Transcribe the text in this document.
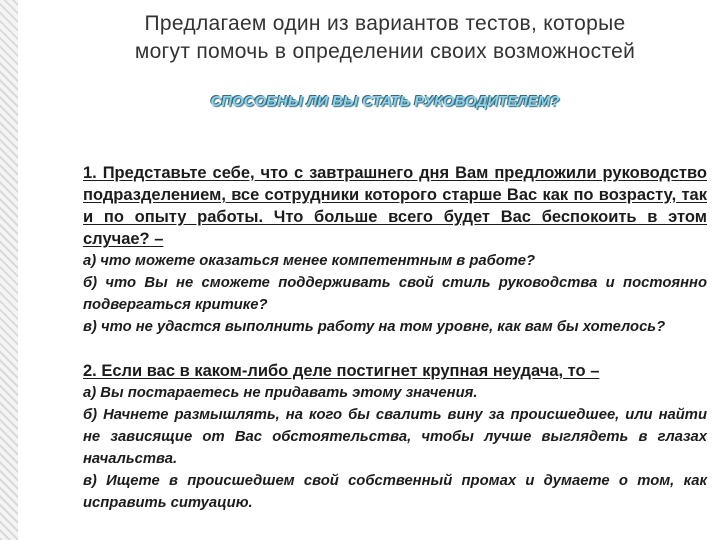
Предлагаем один из вариантов тестов, которые
могут помочь в определении своих возможностей
СПОСОБНЫ ЛИ ВЫ СТАТЬ РУКОВОДИТЕЛЕМ?

1. Представьте себе, что с завтрашнего дня Вам предложили руководство подразделением, все сотрудники которого старше Вас как по возрасту, так и по опыту работы. Что больше всего будет Вас беспокоить в этом случае? –

а) что можете оказаться менее компетентным в работе?

б) что Вы не сможете поддерживать свой стиль руководства и постоянно подвергаться критике?

в) что не удастся выполнить работу на том уровне, как вам бы хотелось?

2. Если вас в каком-либо деле постигнет крупная неудача, то –

а) Вы постараетесь не придавать этому значения.

б) Начнете размышлять, на кого бы свалить вину за происшедшее, или найти не зависящие от Вас обстоятельства, чтобы лучше выглядеть в глазах начальства.

в) Ищете в происшедшем свой собственный промах и думаете о том, как исправить ситуацию.
